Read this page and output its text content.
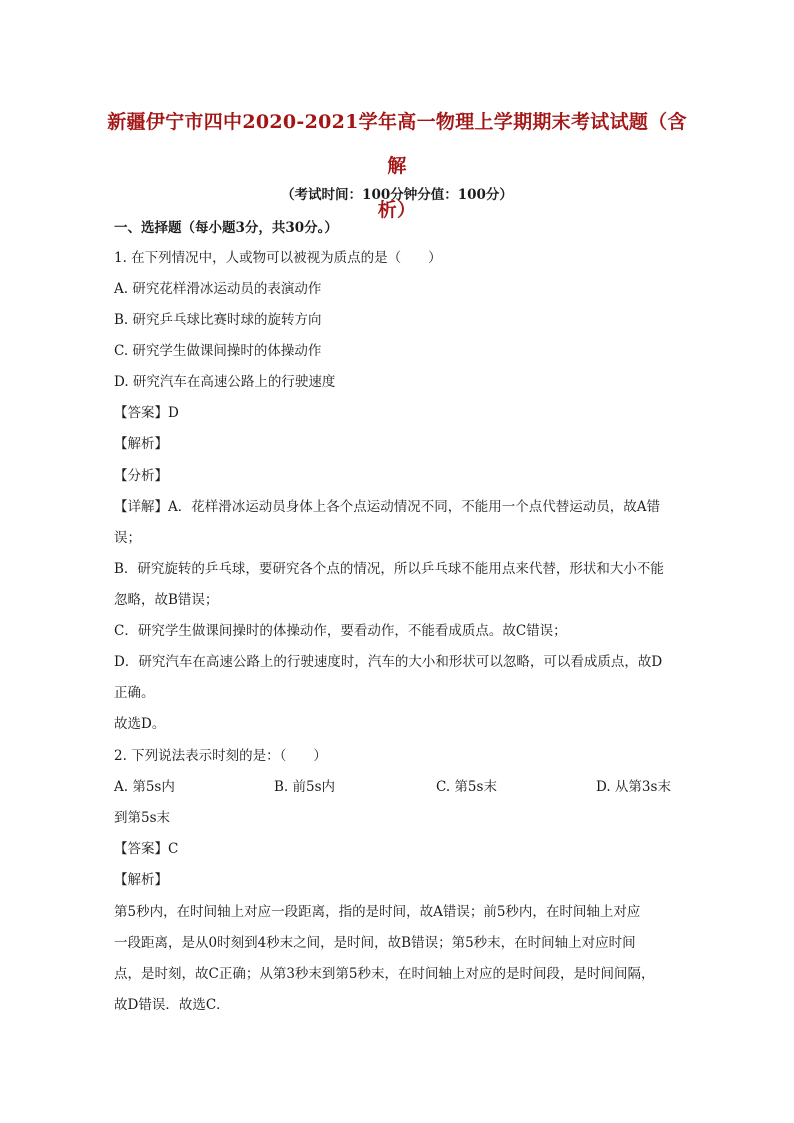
新疆伊宁市四中2020-2021学年高一物理上学期期末考试试题（含解
析）
（考试时间：100分钟分值：100分）
一、选择题（每小题3分，共30分。）
1. 在下列情况中，人或物可以被视为质点的是（　　）
A. 研究花样滑冰运动员的表演动作
B. 研究乒乓球比赛时球的旋转方向
C. 研究学生做课间操时的体操动作
D. 研究汽车在高速公路上的行驶速度
【答案】D
【解析】
【分析】
【详解】A．花样滑冰运动员身体上各个点运动情况不同，不能用一个点代替运动员，故A错
误；
B．研究旋转的乒乓球，要研究各个点的情况，所以乒乓球不能用点来代替，形状和大小不能
忽略，故B错误；
C．研究学生做课间操时的体操动作，要看动作，不能看成质点。故C错误；
D．研究汽车在高速公路上的行驶速度时，汽车的大小和形状可以忽略，可以看成质点，故D
正确。
故选D。
2. 下列说法表示时刻的是：（　　）
A. 第5s内	B. 前5s内	C. 第5s末	D. 从第3s末
到第5s末
【答案】C
【解析】
第5秒内，在时间轴上对应一段距离，指的是时间，故A错误；前5秒内，在时间轴上对应
一段距离，是从0时刻到4秒末之间，是时间，故B错误；第5秒末，在时间轴上对应时间
点，是时刻，故C正确；从第3秒末到第5秒末，在时间轴上对应的是时间段，是时间间隔，
故D错误．故选C．
